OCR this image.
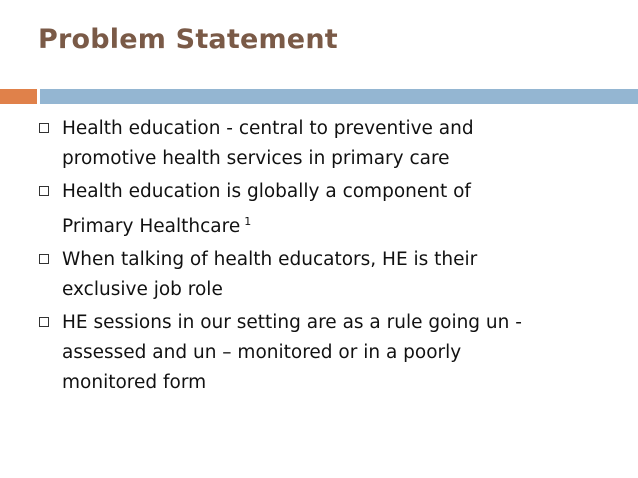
Problem Statement
Health education - central to preventive and
promotive health services in primary care
Health education is globally a component of
Primary Healthcare $^1$
When talking of health educators, HE is their
exclusive job role
HE sessions in our setting are as a rule going un -
assessed and un – monitored or in a poorly
monitored form
